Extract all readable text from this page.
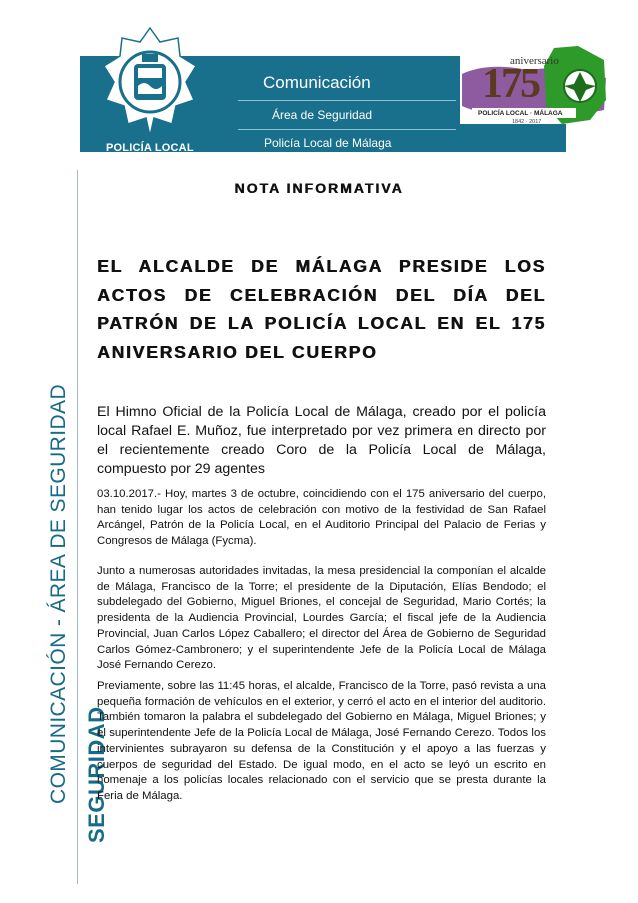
Comunicación
Área de Seguridad
Policía Local de Málaga
POLICÍA LOCAL
aniversario
175
POLICÍA LOCAL · MÁLAGA
1842 · 2017
COMUNICACIÓN - ÁREA DE SEGURIDAD SEGURIDAD
NOTA INFORMATIVA
EL ALCALDE DE MÁLAGA PRESIDE LOS ACTOS DE CELEBRACIÓN DEL DÍA DEL PATRÓN DE LA POLICÍA LOCAL EN EL 175 ANIVERSARIO DEL CUERPO
El Himno Oficial de la Policía Local de Málaga, creado por el policía local Rafael E. Muñoz, fue interpretado por vez primera en directo por el recientemente creado Coro de la Policía Local de Málaga, compuesto por 29 agentes
03.10.2017.- Hoy, martes 3 de octubre, coincidiendo con el 175 aniversario del cuerpo, han tenido lugar los actos de celebración con motivo de la festividad de San Rafael Arcángel, Patrón de la Policía Local, en el Auditorio Principal del Palacio de Ferias y Congresos de Málaga (Fycma).
Junto a numerosas autoridades invitadas, la mesa presidencial la componían el alcalde de Málaga, Francisco de la Torre; el presidente de la Diputación, Elías Bendodo; el subdelegado del Gobierno, Miguel Briones, el concejal de Seguridad, Mario Cortés; la presidenta de la Audiencia Provincial, Lourdes García; el fiscal jefe de la Audiencia Provincial, Juan Carlos López Caballero; el director del Área de Gobierno de Seguridad Carlos Gómez-Cambronero; y el superintendente Jefe de la Policía Local de Málaga José Fernando Cerezo.
Previamente, sobre las 11:45 horas, el alcalde, Francisco de la Torre, pasó revista a una pequeña formación de vehículos en el exterior, y cerró el acto en el interior del auditorio. También tomaron la palabra el subdelegado del Gobierno en Málaga, Miguel Briones; y el superintendente Jefe de la Policía Local de Málaga, José Fernando Cerezo. Todos los intervinientes subrayaron su defensa de la Constitución y el apoyo a las fuerzas y cuerpos de seguridad del Estado. De igual modo, en el acto se leyó un escrito en homenaje a los policías locales relacionado con el servicio que se presta durante la Feria de Málaga.
